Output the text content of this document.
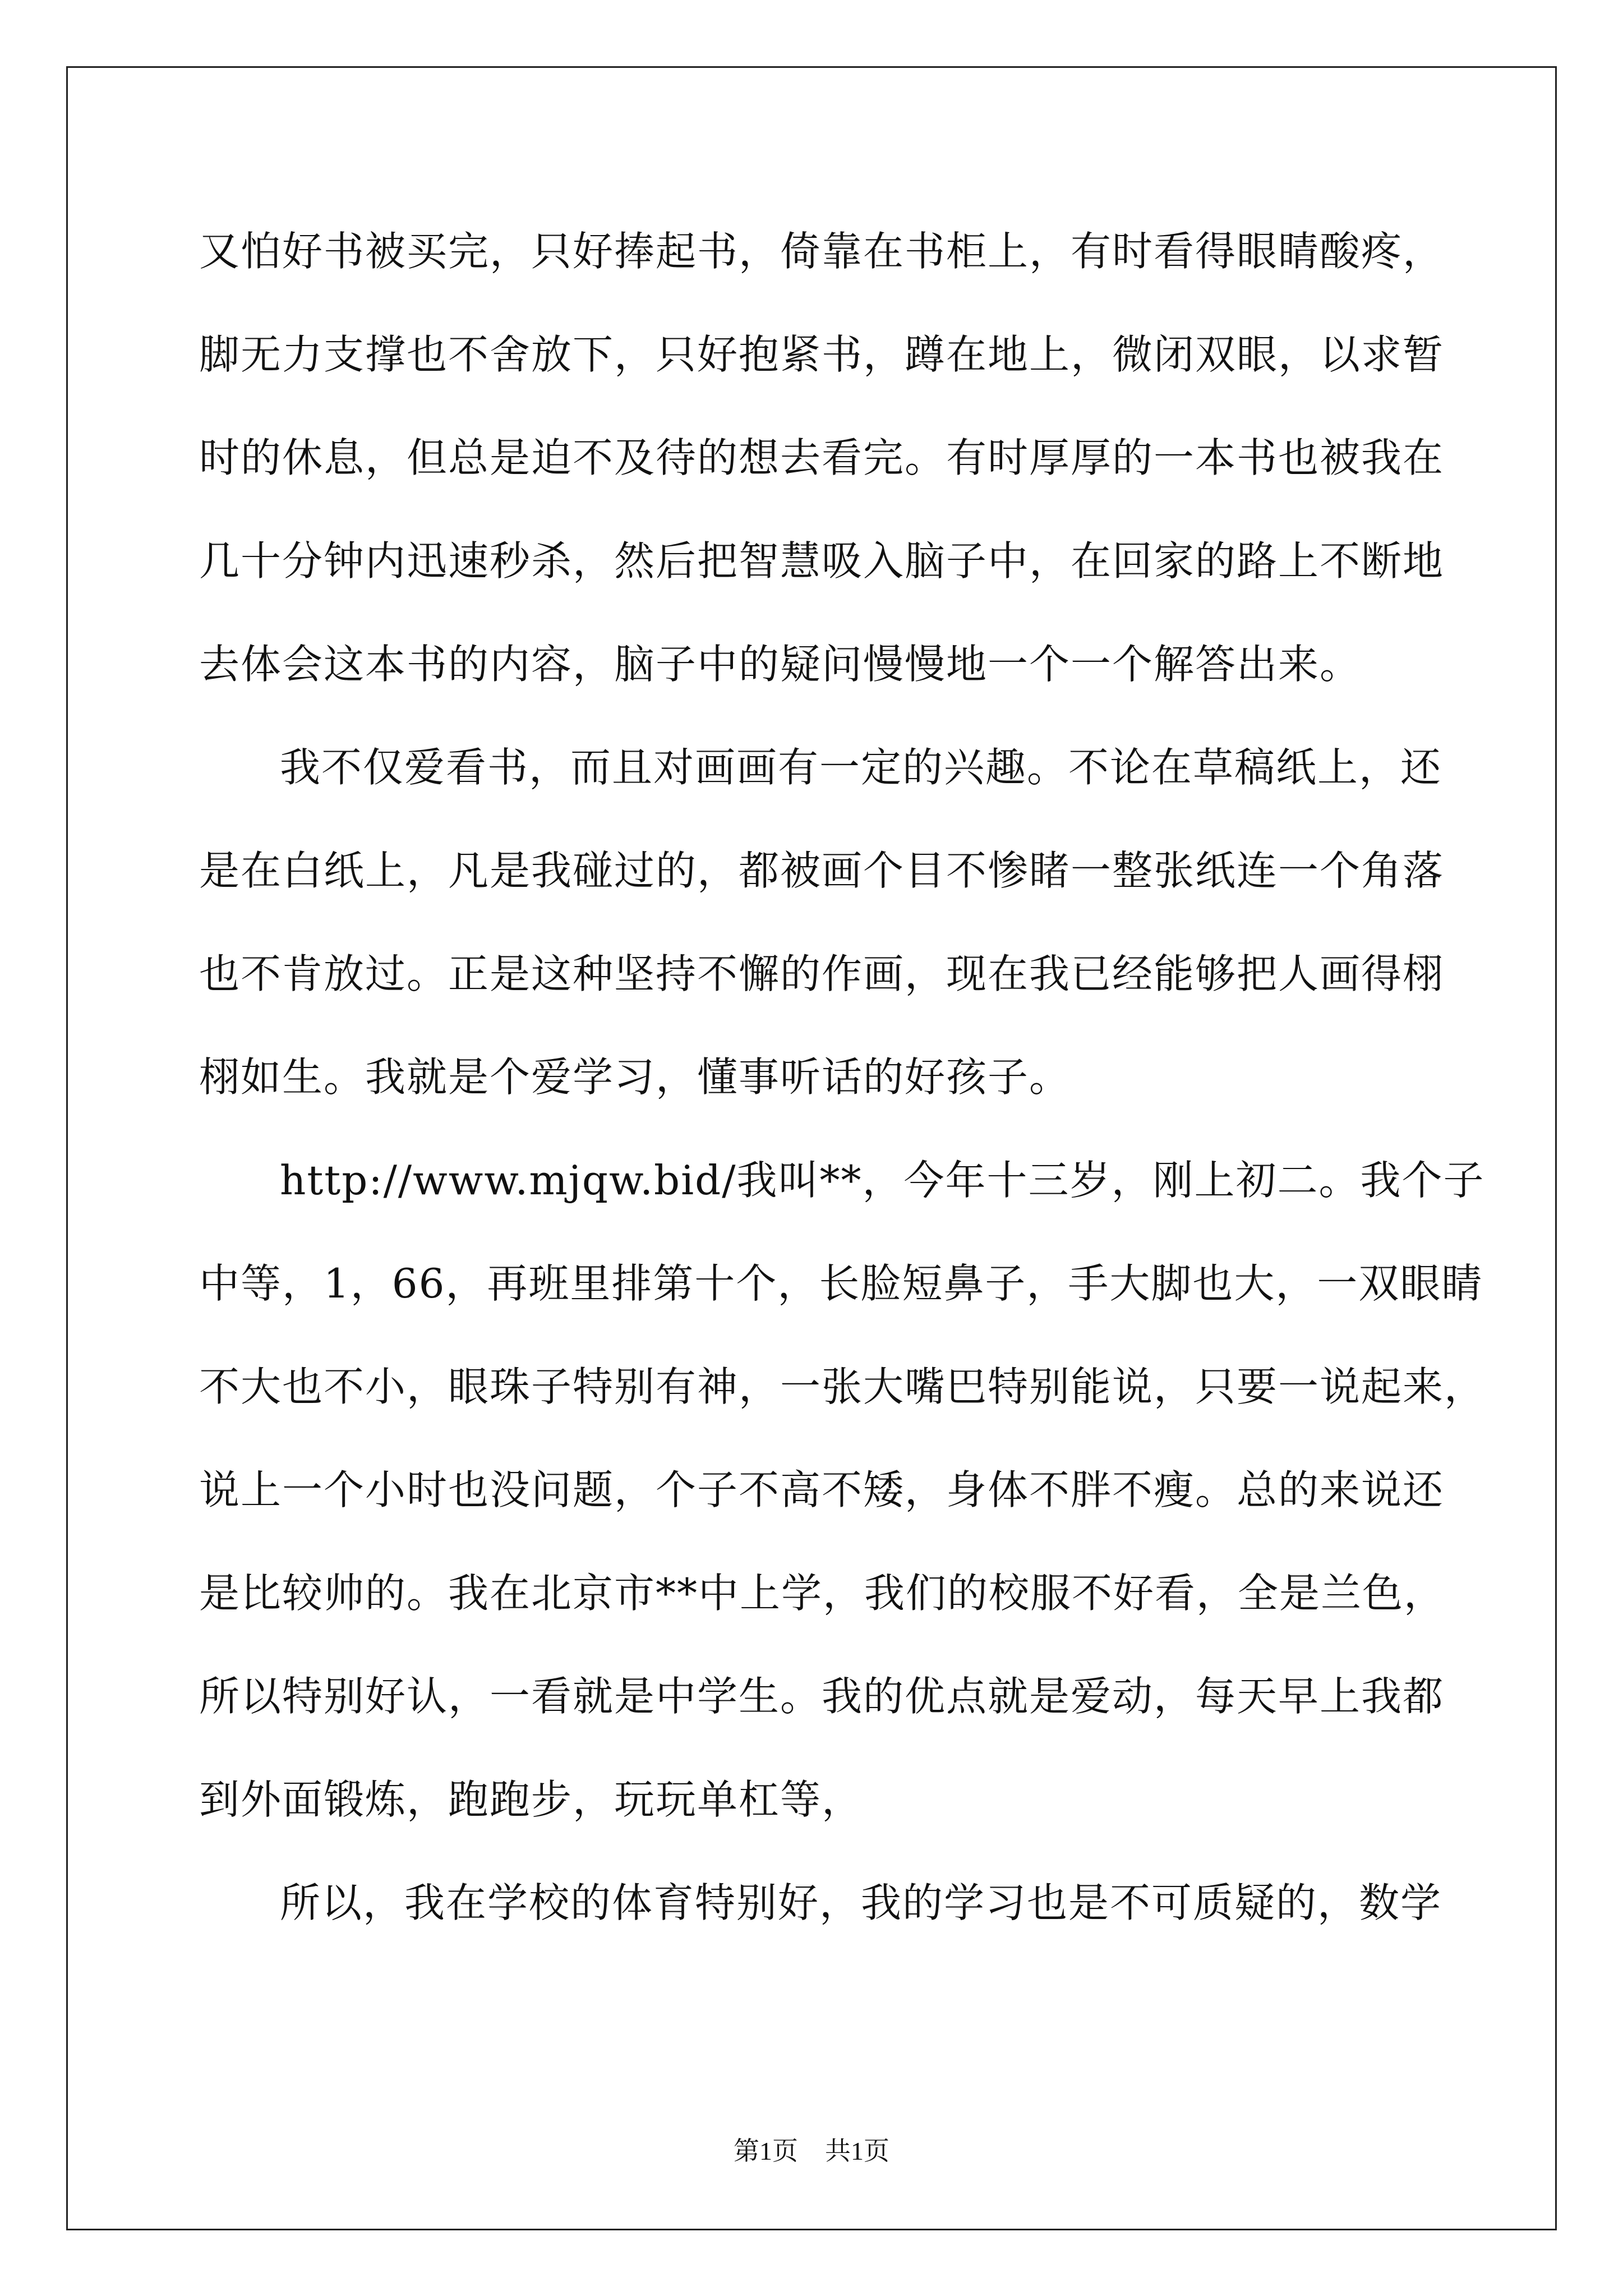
又怕好书被买完，只好捧起书，倚靠在书柜上，有时看得眼睛酸疼，
脚无力支撑也不舍放下，只好抱紧书，蹲在地上，微闭双眼，以求暂
时的休息，但总是迫不及待的想去看完。有时厚厚的一本书也被我在
几十分钟内迅速秒杀，然后把智慧吸入脑子中，在回家的路上不断地
去体会这本书的内容，脑子中的疑问慢慢地一个一个解答出来。
我不仅爱看书，而且对画画有一定的兴趣。不论在草稿纸上，还
是在白纸上，凡是我碰过的，都被画个目不惨睹一整张纸连一个角落
也不肯放过。正是这种坚持不懈的作画，现在我已经能够把人画得栩
栩如生。我就是个爱学习，懂事听话的好孩子。
http://www.mjqw.bid/我叫**，今年十三岁，刚上初二。我个子
中等，1，66，再班里排第十个，长脸短鼻子，手大脚也大，一双眼睛
不大也不小，眼珠子特别有神，一张大嘴巴特别能说，只要一说起来，
说上一个小时也没问题，个子不高不矮，身体不胖不瘦。总的来说还
是比较帅的。我在北京市**中上学，我们的校服不好看，全是兰色，
所以特别好认，一看就是中学生。我的优点就是爱动，每天早上我都
到外面锻炼，跑跑步，玩玩单杠等，
所以，我在学校的体育特别好，我的学习也是不可质疑的，数学
第1页 共1页
